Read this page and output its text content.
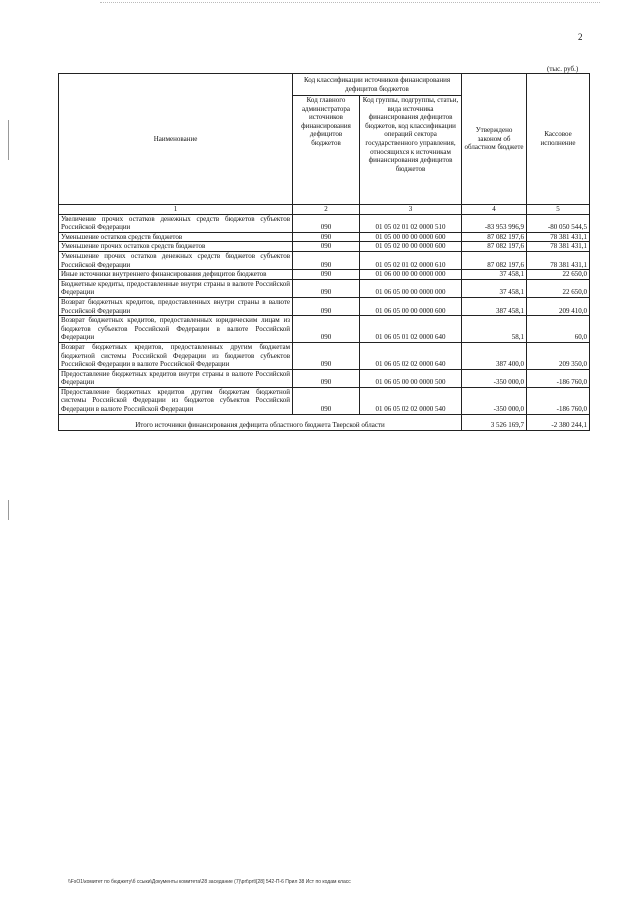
2
(тыс. руб.)
Наименование	Код классификации источников финансирования дефицитов бюджетов		Утверждено законом об областном бюджете	Кассовое исполнение
	Код главного администратора источников финансирования дефицитов бюджетов	Код группы, подгруппы, статьи, вида источника финансирования дефицитов бюджетов, код классификации операций сектора государственного управления, относящихся к источникам финансирования дефицитов бюджетов		
1	2	3	4	5
Увеличение прочих остатков денежных средств бюджетов субъектов Российской Федерации	090	01 05 02 01 02 0000 510	-83 953 996,9	-80 050 544,5
Уменьшение остатков средств бюджетов	090	01 05 00 00 00 0000 600	87 082 197,6	78 381 431,1
Уменьшение прочих остатков средств бюджетов	090	01 05 02 00 00 0000 600	87 082 197,6	78 381 431,1
Уменьшение прочих остатков денежных средств бюджетов субъектов Российской Федерации	090	01 05 02 01 02 0000 610	87 082 197,6	78 381 431,1
Иные источники внутреннего финансирования дефицитов бюджетов	090	01 06 00 00 00 0000 000	37 458,1	22 650,0
Бюджетные кредиты, предоставленные внутри страны в валюте Российской Федерации	090	01 06 05 00 00 0000 000	37 458,1	22 650,0
Возврат бюджетных кредитов, предоставленных внутри страны в валюте Российской Федерации	090	01 06 05 00 00 0000 600	387 458,1	209 410,0
Возврат бюджетных кредитов, предоставленных юридическим лицам из бюджетов субъектов Российской Федерации в валюте Российской Федерации	090	01 06 05 01 02 0000 640	58,1	60,0
Возврат бюджетных кредитов, предоставленных другим бюджетам бюджетной системы Российской Федерации из бюджетов субъектов Российской Федерации в валюте Российской Федерации	090	01 06 05 02 02 0000 640	387 400,0	209 350,0
Предоставление бюджетных кредитов внутри страны в валюте Российской Федерации	090	01 06 05 00 00 0000 500	-350 000,0	-186 760,0
Предоставление бюджетных кредитов другим бюджетам бюджетной системы Российской Федерации из бюджетов субъектов Российской Федерации в валюте Российской Федерации	090	01 06 05 02 02 0000 540	-350 000,0	-186 760,0
Итого источники финансирования дефицита областного бюджета Тверской области			3 526 169,7	-2 380 244,1
\\FsO1\комитет по бюджету\б ссыки\Документы комитета\28 заседание (7)\prt\prt\[28] 542-П-6 Прил 38 Ист по кодам класс
